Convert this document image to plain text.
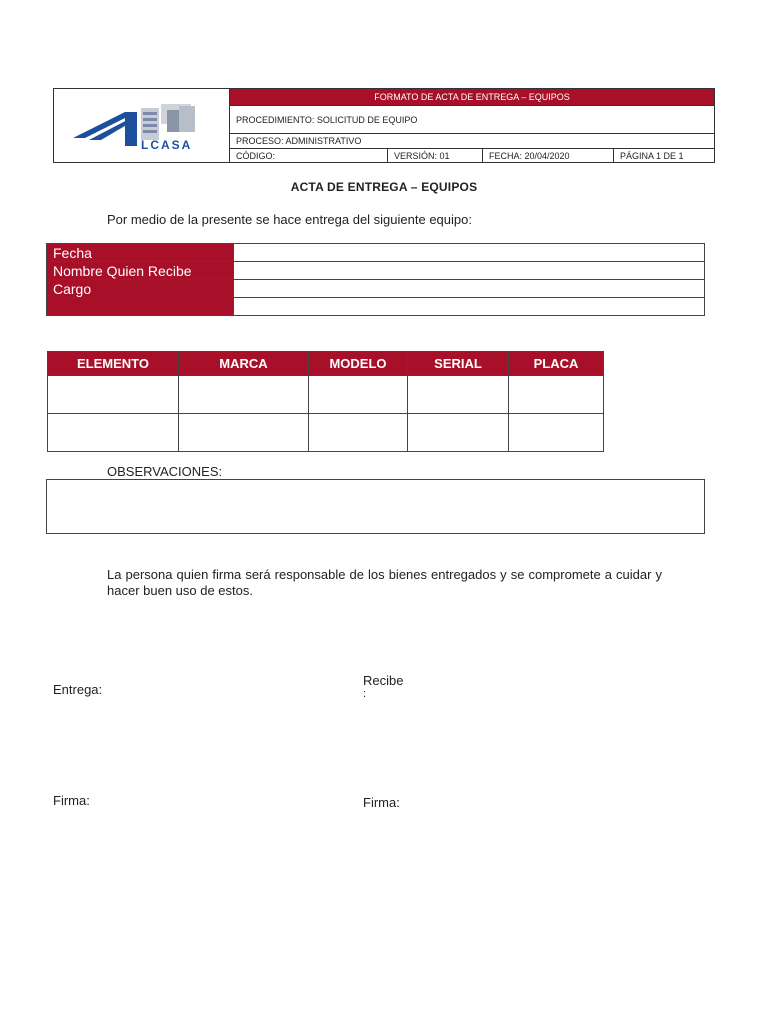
LCASA	FORMATO DE ACTA DE ENTREGA – EQUIPOS			
	PROCEDIMIENTO: SOLICITUD DE EQUIPO			
	PROCESO: ADMINISTRATIVO			
	CÓDIGO:	VERSIÓN: 01	FECHA: 20/04/2020	PÁGINA 1 DE 1
ACTA DE ENTREGA – EQUIPOS
Por medio de la presente se hace entrega del siguiente equipo:
Fecha	
Nombre Quien Recibe	
Cargo	

ELEMENTO	MARCA	MODELO	SERIAL	PLACA

OBSERVACIONES:
La persona quien firma será responsable de los bienes entregados y se compromete a cuidar y hacer buen uso de estos.
Entrega:
Recibe
:
Firma:	Firma:
